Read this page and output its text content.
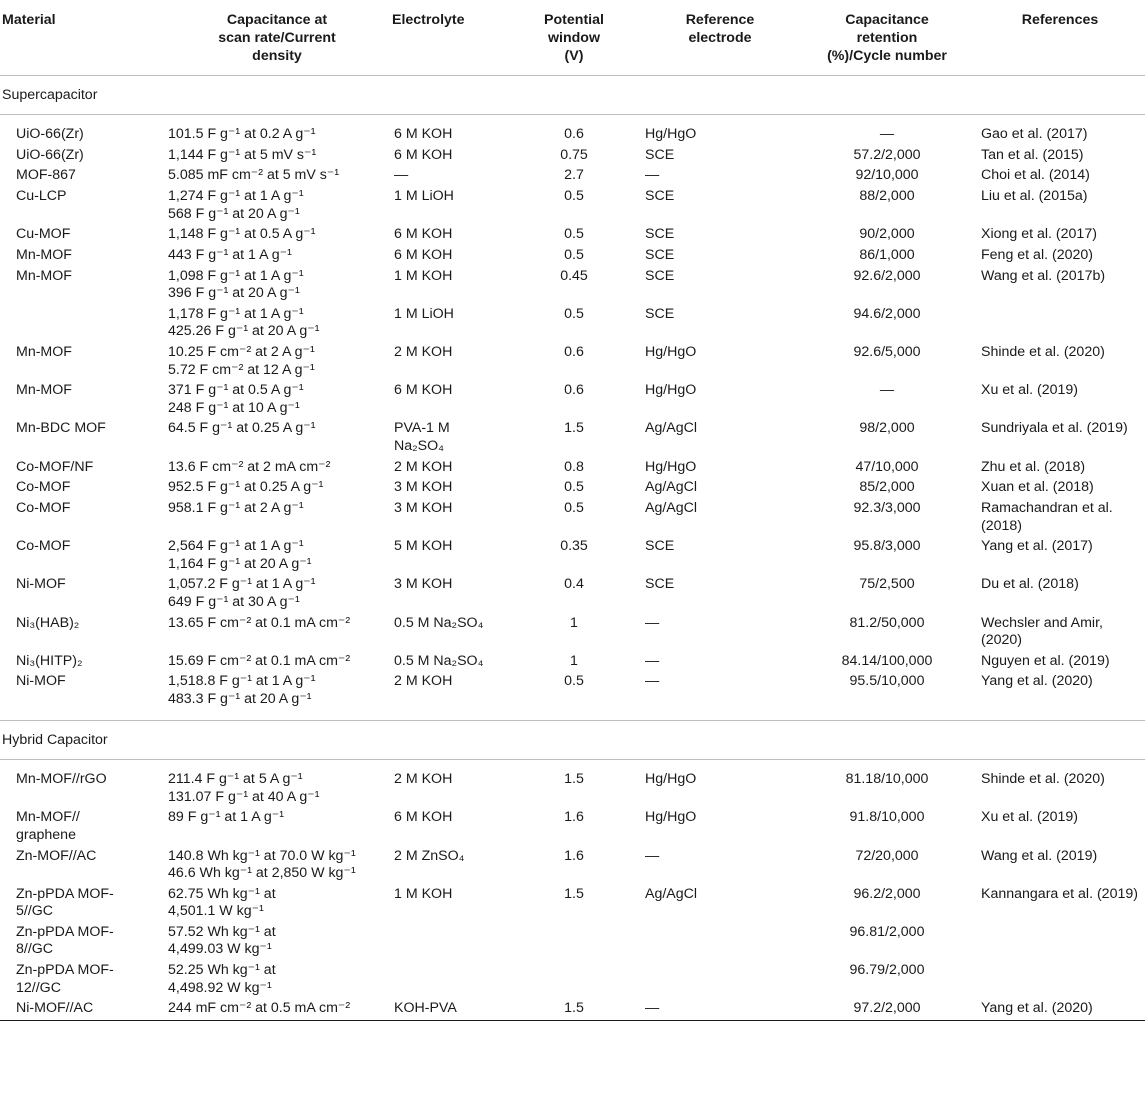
Material	Capacitance at
scan rate/Current
density	Electrolyte	Potential
window
(V)	Reference
electrode	Capacitance
retention
(%)/Cycle number	References
Supercapacitor						

UiO-66(Zr)	101.5 F g⁻¹ at 0.2 A g⁻¹	6 M KOH	0.6	Hg/HgO	—	Gao et al. (2017)
UiO-66(Zr)	1,144 F g⁻¹ at 5 mV s⁻¹	6 M KOH	0.75	SCE	57.2/2,000	Tan et al. (2015)
MOF-867	5.085 mF cm⁻² at 5 mV s⁻¹	—	2.7	—	92/10,000	Choi et al. (2014)
Cu-LCP	1,274 F g⁻¹ at 1 A g⁻¹
568 F g⁻¹ at 20 A g⁻¹	1 M LiOH	0.5	SCE	88/2,000	Liu et al. (2015a)
Cu-MOF	1,148 F g⁻¹ at 0.5 A g⁻¹	6 M KOH	0.5	SCE	90/2,000	Xiong et al. (2017)
Mn-MOF	443 F g⁻¹ at 1 A g⁻¹	6 M KOH	0.5	SCE	86/1,000	Feng et al. (2020)
Mn-MOF	1,098 F g⁻¹ at 1 A g⁻¹
396 F g⁻¹ at 20 A g⁻¹	1 M KOH	0.45	SCE	92.6/2,000	Wang et al. (2017b)
	1,178 F g⁻¹ at 1 A g⁻¹
425.26 F g⁻¹ at 20 A g⁻¹	1 M LiOH	0.5	SCE	94.6/2,000	
Mn-MOF	10.25 F cm⁻² at 2 A g⁻¹
5.72 F cm⁻² at 12 A g⁻¹	2 M KOH	0.6	Hg/HgO	92.6/5,000	Shinde et al. (2020)
Mn-MOF	371 F g⁻¹ at 0.5 A g⁻¹
248 F g⁻¹ at 10 A g⁻¹	6 M KOH	0.6	Hg/HgO	—	Xu et al. (2019)
Mn-BDC MOF	64.5 F g⁻¹ at 0.25 A g⁻¹	PVA-1 M
Na₂SO₄	1.5	Ag/AgCl	98/2,000	Sundriyala et al. (2019)
Co-MOF/NF	13.6 F cm⁻² at 2 mA cm⁻²	2 M KOH	0.8	Hg/HgO	47/10,000	Zhu et al. (2018)
Co-MOF	952.5 F g⁻¹ at 0.25 A g⁻¹	3 M KOH	0.5	Ag/AgCl	85/2,000	Xuan et al. (2018)
Co-MOF	958.1 F g⁻¹ at 2 A g⁻¹	3 M KOH	0.5	Ag/AgCl	92.3/3,000	Ramachandran et al.
(2018)
Co-MOF	2,564 F g⁻¹ at 1 A g⁻¹
1,164 F g⁻¹ at 20 A g⁻¹	5 M KOH	0.35	SCE	95.8/3,000	Yang et al. (2017)
Ni-MOF	1,057.2 F g⁻¹ at 1 A g⁻¹
649 F g⁻¹ at 30 A g⁻¹	3 M KOH	0.4	SCE	75/2,500	Du et al. (2018)
Ni₃(HAB)₂	13.65 F cm⁻² at 0.1 mA cm⁻²	0.5 M Na₂SO₄	1	—	81.2/50,000	Wechsler and Amir,
(2020)
Ni₃(HITP)₂	15.69 F cm⁻² at 0.1 mA cm⁻²	0.5 M Na₂SO₄	1	—	84.14/100,000	Nguyen et al. (2019)
Ni-MOF	1,518.8 F g⁻¹ at 1 A g⁻¹
483.3 F g⁻¹ at 20 A g⁻¹	2 M KOH	0.5	—	95.5/10,000	Yang et al. (2020)

Hybrid Capacitor						

Mn-MOF//rGO	211.4 F g⁻¹ at 5 A g⁻¹
131.07 F g⁻¹ at 40 A g⁻¹	2 M KOH	1.5	Hg/HgO	81.18/10,000	Shinde et al. (2020)
Mn-MOF//
graphene	89 F g⁻¹ at 1 A g⁻¹	6 M KOH	1.6	Hg/HgO	91.8/10,000	Xu et al. (2019)
Zn-MOF//AC	140.8 Wh kg⁻¹ at 70.0 W kg⁻¹
46.6 Wh kg⁻¹ at 2,850 W kg⁻¹	2 M ZnSO₄	1.6	—	72/20,000	Wang et al. (2019)
Zn-pPDA MOF-
5//GC	62.75 Wh kg⁻¹ at
4,501.1 W kg⁻¹	1 M KOH	1.5	Ag/AgCl	96.2/2,000	Kannangara et al. (2019)
Zn-pPDA MOF-
8//GC	57.52 Wh kg⁻¹ at
4,499.03 W kg⁻¹				96.81/2,000	
Zn-pPDA MOF-
12//GC	52.25 Wh kg⁻¹ at
4,498.92 W kg⁻¹				96.79/2,000	
Ni-MOF//AC	244 mF cm⁻² at 0.5 mA cm⁻²	KOH-PVA	1.5	—	97.2/2,000	Yang et al. (2020)
